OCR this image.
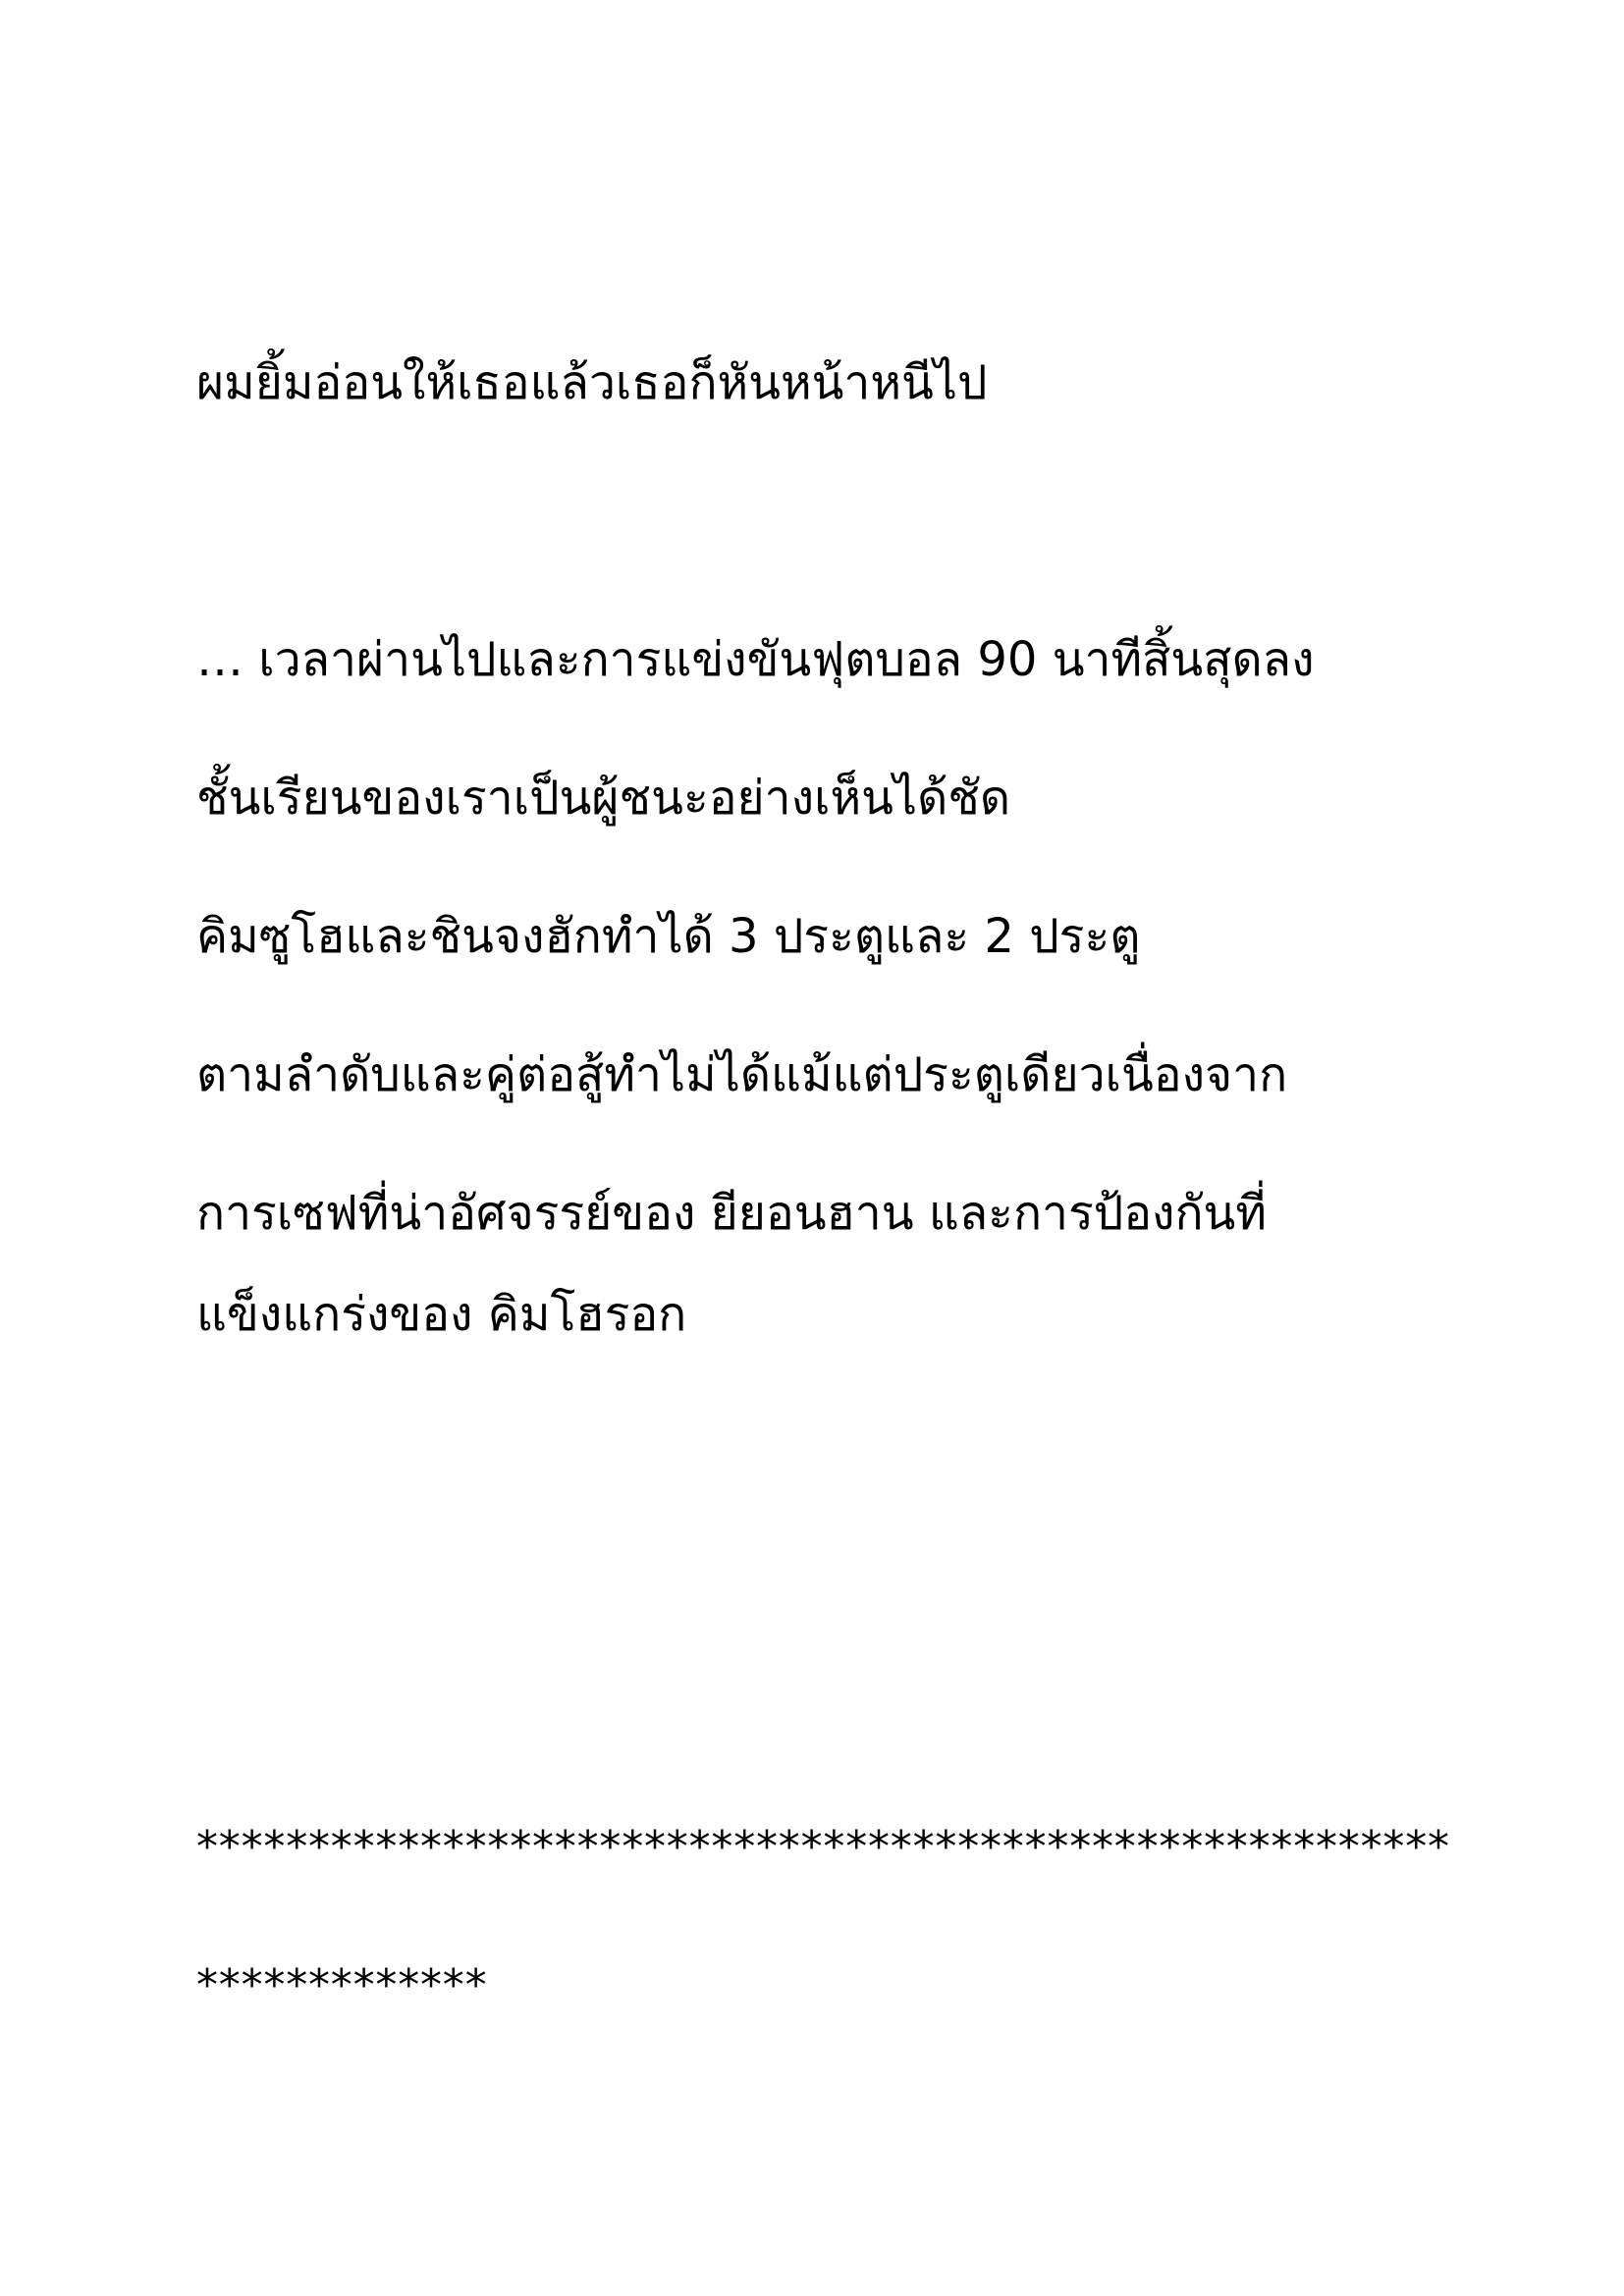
ผมยิ้มอ่อนให้เธอแล้วเธอก็หันหน้าหนีไป

… เวลาผ่านไปและการแข่งขันฟุตบอล 90 นาทีสิ้นสุดลง

ชั้นเรียนของเราเป็นผู้ชนะอย่างเห็นได้ชัด

คิมซูโฮและชินจงฮักทำได้ 3 ประตูและ 2 ประตู

ตามลำดับและคู่ต่อสู้ทำไม่ได้แม้แต่ประตูเดียวเนื่องจาก

การเซฟที่น่าอัศจรรย์ของ ยียอนฮาน และการป้องกันที่

แข็งแกร่งของ คิมโฮรอก

********************************************************

*************
